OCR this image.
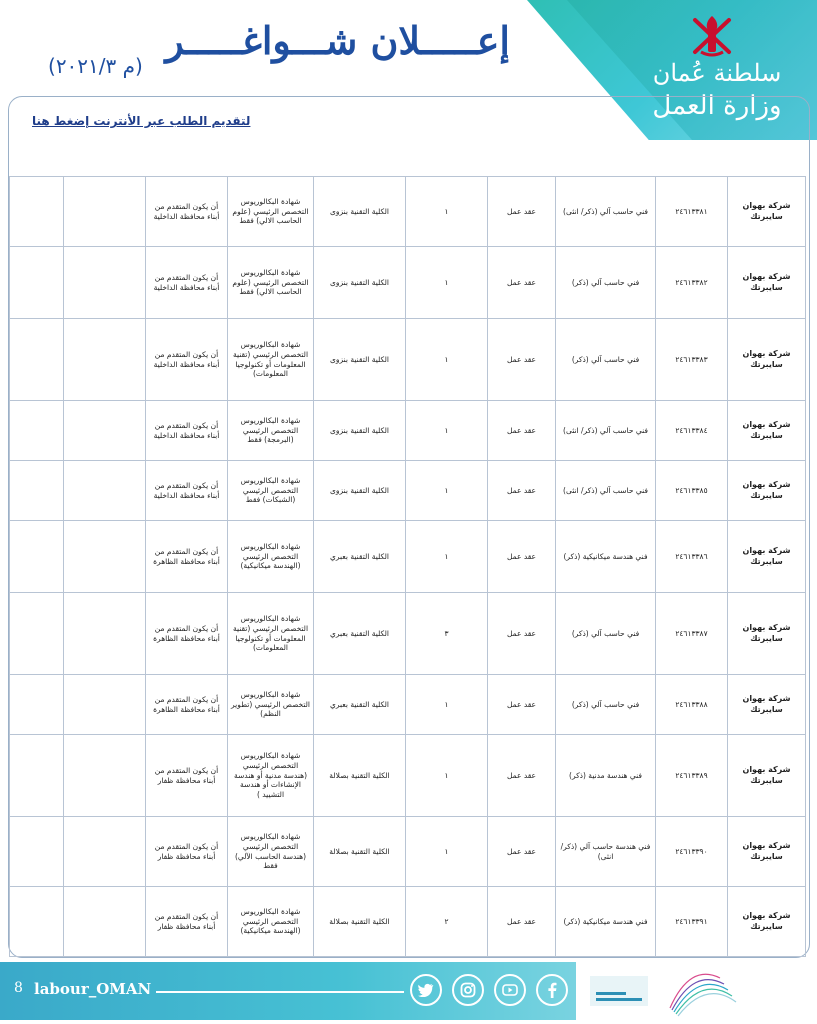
سلطنة عُمان
وزارة العمل
إعـــــلان شـــواغـــــر
(م ٢٠٢١/٣)
لتقديم الطلب عبر الأنترنت إضغط هنا
شركة بهوان سايبرتك	٢٤٦١٣٣٨١	فني حاسب آلي (ذكر/ انثى)	عقد عمل	١	الكلية التقنية بنزوى	شهادة البكالوريوس التخصص الرئيسي (علوم الحاسب الالي) فقط	أن يكون المتقدم من أبناء محافظة الداخلية		
شركة بهوان سايبرتك	٢٤٦١٣٣٨٢	فني حاسب آلي (ذكر)	عقد عمل	١	الكلية التقنية بنزوى	شهادة البكالوريوس التخصص الرئيسي (علوم الحاسب الالي) فقط	أن يكون المتقدم من أبناء محافظة الداخلية		
شركة بهوان سايبرتك	٢٤٦١٣٣٨٣	فني حاسب آلي (ذكر)	عقد عمل	١	الكلية التقنية بنزوى	شهادة البكالوريوس التخصص الرئيسي (تقنية المعلومات أو تكنولوجيا المعلومات)	أن يكون المتقدم من أبناء محافظة الداخلية		
شركة بهوان سايبرتك	٢٤٦١٣٣٨٤	فني حاسب آلي (ذكر/ انثى)	عقد عمل	١	الكلية التقنية بنزوى	شهادة البكالوريوس التخصص الرئيسي (البرمجة) فقط	أن يكون المتقدم من أبناء محافظة الداخلية		
شركة بهوان سايبرتك	٢٤٦١٣٣٨٥	فني حاسب آلي (ذكر/ انثى)	عقد عمل	١	الكلية التقنية بنزوى	شهادة البكالوريوس التخصص الرئيسي (الشبكات) فقط	أن يكون المتقدم من أبناء محافظة الداخلية		
شركة بهوان سايبرتك	٢٤٦١٣٣٨٦	فني هندسة ميكانيكية (ذكر)	عقد عمل	١	الكلية التقنية بعبري	شهادة البكالوريوس التخصص الرئيسي (الهندسة ميكانيكية)	أن يكون المتقدم من أبناء محافظة الظاهرة		
شركة بهوان سايبرتك	٢٤٦١٣٣٨٧	فني حاسب آلي (ذكر)	عقد عمل	٣	الكلية التقنية بعبري	شهادة البكالوريوس التخصص الرئيسي (تقنية المعلومات أو تكنولوجيا المعلومات)	أن يكون المتقدم من أبناء محافظة الظاهرة		
شركة بهوان سايبرتك	٢٤٦١٣٣٨٨	فني حاسب آلي (ذكر)	عقد عمل	١	الكلية التقنية بعبري	شهادة البكالوريوس التخصص الرئيسي (تطوير النظم)	أن يكون المتقدم من أبناء محافظة الظاهرة		
شركة بهوان سايبرتك	٢٤٦١٣٣٨٩	فني هندسة مدنية (ذكر)	عقد عمل	١	الكلية التقنية بصلالة	شهادة البكالوريوس التخصص الرئيسي (هندسة مدنية أو هندسة الإنشاءات أو هندسة التشييد )	أن يكون المتقدم من أبناء محافظة ظفار		
شركة بهوان سايبرتك	٢٤٦١٣٣٩٠	فني هندسة حاسب آلي (ذكر/انثى)	عقد عمل	١	الكلية التقنية بصلالة	شهادة البكالوريوس التخصص الرئيسي (هندسة الحاسب الآلي) فقط	أن يكون المتقدم من أبناء محافظة ظفار		
شركة بهوان سايبرتك	٢٤٦١٣٣٩١	فني هندسة ميكانيكية (ذكر)	عقد عمل	٢	الكلية التقنية بصلالة	شهادة البكالوريوس التخصص الرئيسي (الهندسة ميكانيكية)	أن يكون المتقدم من أبناء محافظة ظفار		
8 labour_OMAN
